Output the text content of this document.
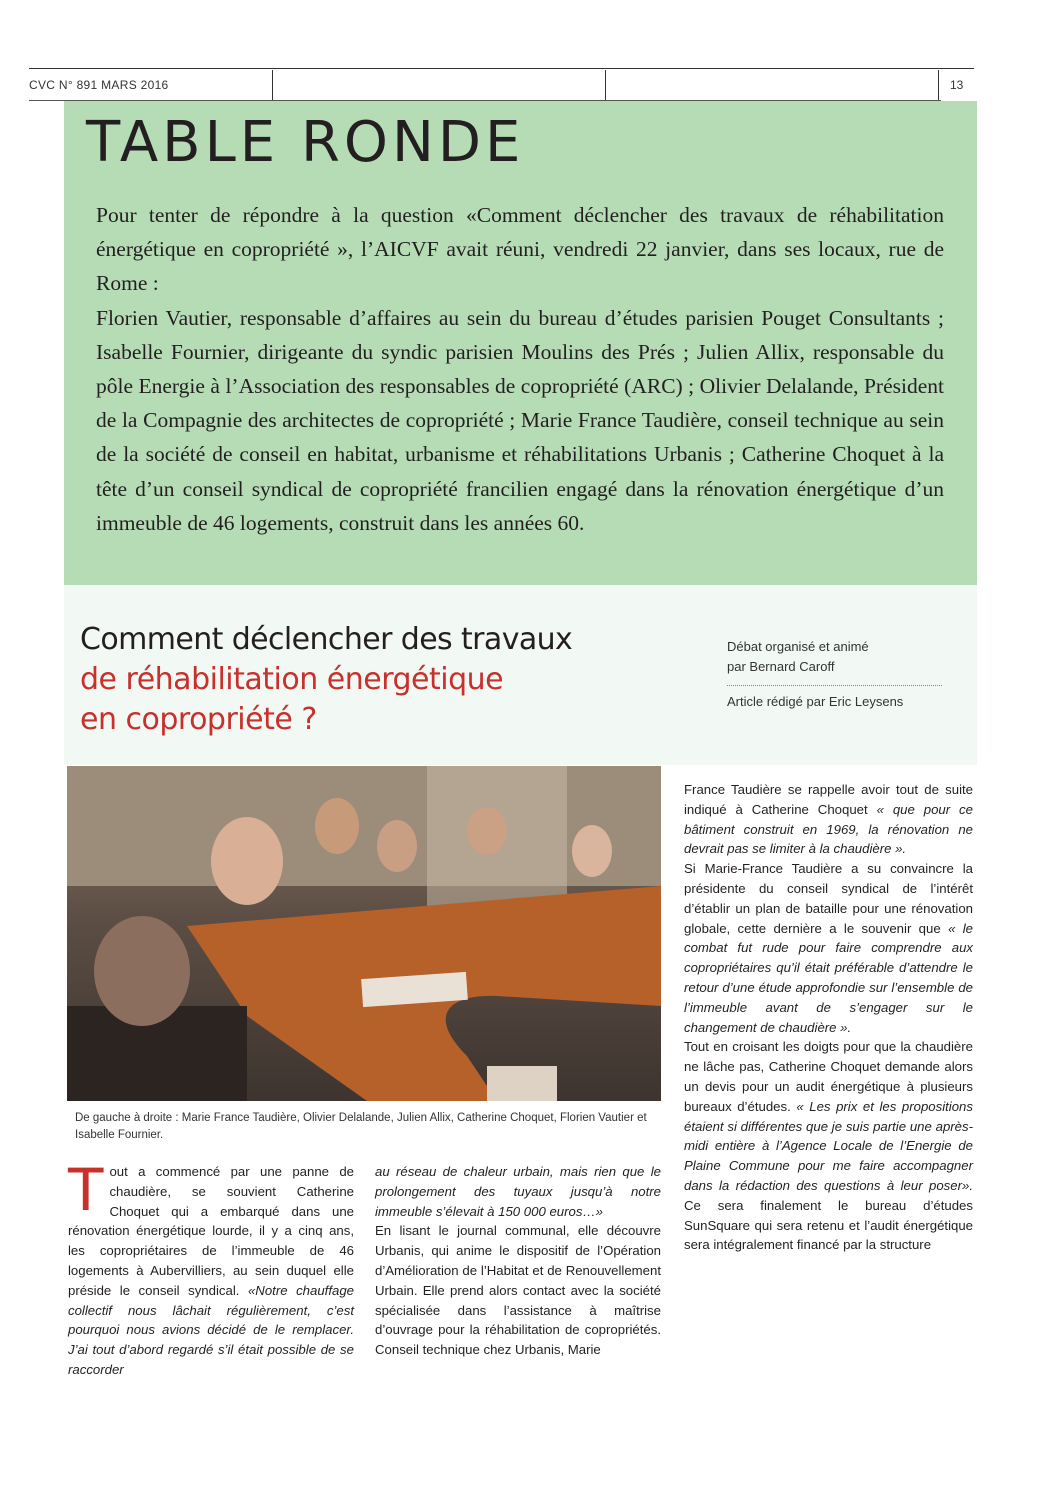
CVC N° 891 MARS 2016	13
TABLE RONDE

Pour tenter de répondre à la question «Comment déclencher des travaux de réhabilitation énergétique en copropriété », l’AICVF avait réuni, vendredi 22 janvier, dans ses locaux, rue de Rome :

Florien Vautier, responsable d’affaires au sein du bureau d’études parisien Pouget Consultants ; Isabelle Fournier, dirigeante du syndic parisien Moulins des Prés ; Julien Allix, responsable du pôle Energie à l’Association des responsables de copropriété (ARC) ; Olivier Delalande, Président de la Compagnie des architectes de copropriété ; Marie France Taudière, conseil technique au sein de la société de conseil en habitat, urbanisme et réhabilitations Urbanis ; Catherine Choquet à la tête d’un conseil syndical de copropriété francilien engagé dans la rénovation énergétique d’un immeuble de 46 logements, construit dans les années 60.

Comment déclencher des travaux
de réhabilitation énergétique
en copropriété ?
Débat organisé et animé
par Bernard Caroff
Article rédigé par Eric Leysens
De gauche à droite : Marie France Taudière, Olivier Delalande, Julien Allix, Catherine Choquet, Florien Vautier et Isabelle Fournier.
T out a commencé par une panne de chaudière, se souvient Catherine Choquet qui a embarqué dans une rénovation énergétique lourde, il y a cinq ans, les copropriétaires de l’immeuble de 46 logements à Aubervilliers, au sein duquel elle préside le conseil syndical. «Notre chauffage collectif nous lâchait régulièrement, c’est pourquoi nous avions décidé de le remplacer. J’ai tout d’abord regardé s’il était possible de se raccorder

au réseau de chaleur urbain, mais rien que le prolongement des tuyaux jusqu’à notre immeuble s’élevait à 150 000 euros…»

En lisant le journal communal, elle découvre Urbanis, qui anime le dispositif de l’Opération d’Amélioration de l’Habitat et de Renouvellement Urbain. Elle prend alors contact avec la société spécialisée dans l’assistance à maîtrise d’ouvrage pour la réhabilitation de copropriétés. Conseil technique chez Urbanis, Marie

France Taudière se rappelle avoir tout de suite indiqué à Catherine Choquet « que pour ce bâtiment construit en 1969, la rénovation ne devrait pas se limiter à la chaudière ».

Si Marie-France Taudière a su convaincre la présidente du conseil syndical de l’intérêt d’établir un plan de bataille pour une rénovation globale, cette dernière a le souvenir que « le combat fut rude pour faire comprendre aux copropriétaires qu’il était préférable d’attendre le retour d’une étude approfondie sur l’ensemble de l’immeuble avant de s’engager sur le changement de chaudière ».

Tout en croisant les doigts pour que la chaudière ne lâche pas, Catherine Choquet demande alors un devis pour un audit énergétique à plusieurs bureaux d’études. « Les prix et les propositions étaient si différentes que je suis partie une après-midi entière à l’Agence Locale de l’Energie de Plaine Commune pour me faire accompagner dans la rédaction des questions à leur poser». Ce sera finalement le bureau d’études SunSquare qui sera retenu et l’audit énergétique sera intégralement financé par la structure
